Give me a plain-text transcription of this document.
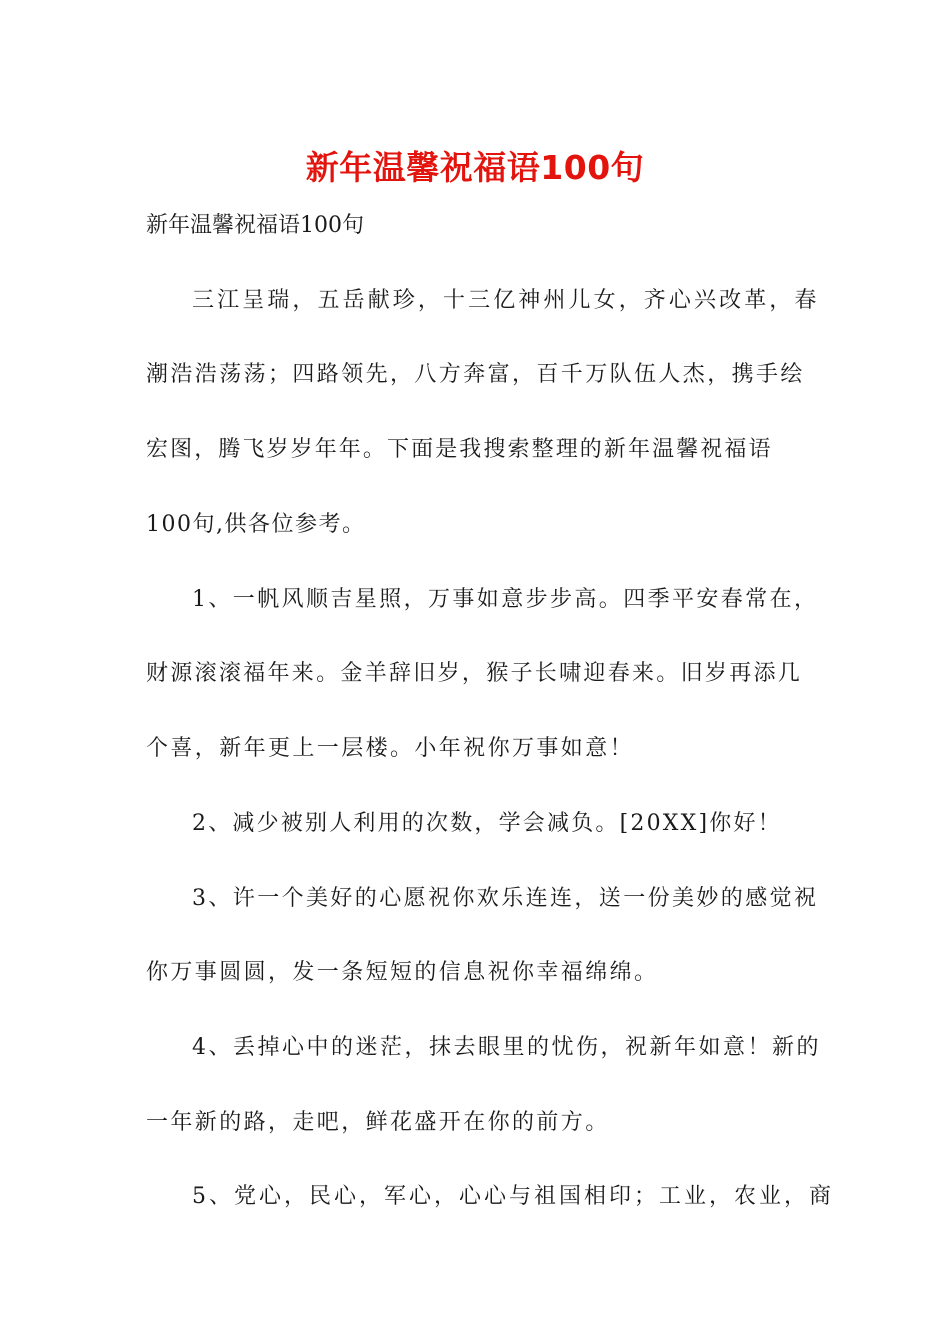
新年温馨祝福语100句
新年温馨祝福语100句
三江呈瑞，五岳献珍，十三亿神州儿女，齐心兴改革，春
潮浩浩荡荡；四路领先，八方奔富，百千万队伍人杰，携手绘
宏图，腾飞岁岁年年。下面是我搜索整理的新年温馨祝福语
100句,供各位参考。
1、一帆风顺吉星照，万事如意步步高。四季平安春常在，
财源滚滚福年来。金羊辞旧岁，猴子长啸迎春来。旧岁再添几
个喜，新年更上一层楼。小年祝你万事如意！
2、减少被别人利用的次数，学会减负。[20XX]你好！
3、许一个美好的心愿祝你欢乐连连，送一份美妙的感觉祝
你万事圆圆，发一条短短的信息祝你幸福绵绵。
4、丢掉心中的迷茫，抹去眼里的忧伤，祝新年如意！新的
一年新的路，走吧，鲜花盛开在你的前方。
5、党心，民心，军心，心心与祖国相印；工业，农业，商
